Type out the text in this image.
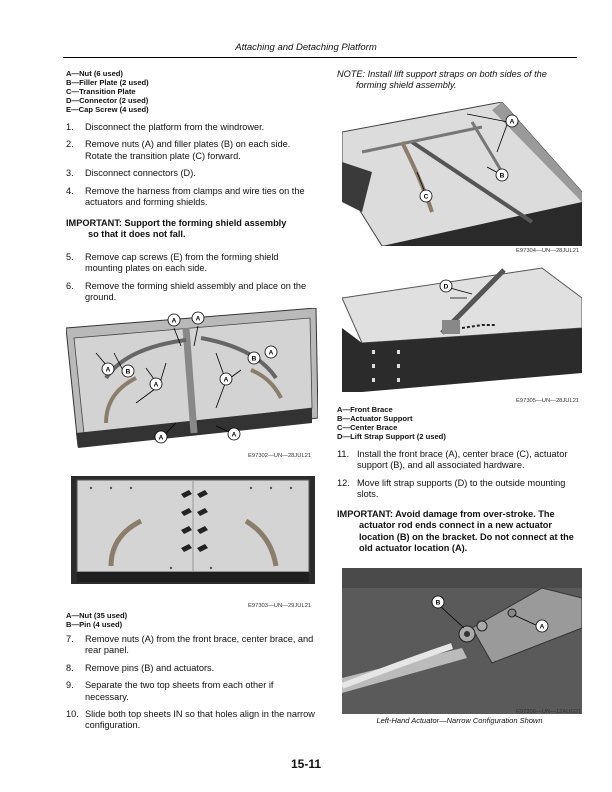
Attaching and Detaching Platform
A—Nut (6 used)
B—Filler Plate (2 used)
C—Transition Plate
D—Connector (2 used)
E—Cap Screw (4 used)
1.	Disconnect the platform from the windrower.
2.	Remove nuts (A) and filler plates (B) on each side. Rotate the transition plate (C) forward.
3.	Disconnect connectors (D).
4.	Remove the harness from clamps and wire ties on the actuators and forming shields.
IMPORTANT: Support the forming shield assembly
so that it does not fall.
5.	Remove cap screws (E) from the forming shield mounting plates on each side.
6.	Remove the forming shield assembly and place on the ground.
A	A
A B
A
A
B
A
A	A
E97302—UN—28JUL21
E97303—UN—29JUL21
A—Nut (35 used)
B—Pin (4 used)
7.	Remove nuts (A) from the front brace, center brace, and rear panel.
8.	Remove pins (B) and actuators.
9.	Separate the two top sheets from each other if necessary.
10. Slide both top sheets IN so that holes align in the narrow configuration.
NOTE: Install lift support straps on both sides of the
forming shield assembly.
A
B
C
E97304—UN—28JUL21
D
E97305—UN—28JUL21
A—Front Brace
B—Actuator Support
C—Center Brace
D—Lift Strap Support (2 used)
11. Install the front brace (A), center brace (C), actuator support (B), and all associated hardware.
12. Move lift strap supports (D) to the outside mounting slots.
IMPORTANT: Avoid damage from over-stroke. The
actuator rod ends connect in a new actuator location (B) on the bracket. Do not connect at the old actuator location (A).
B
A
E97306—UN—12AUG21
Left-Hand Actuator—Narrow Configuration Shown
15-11
